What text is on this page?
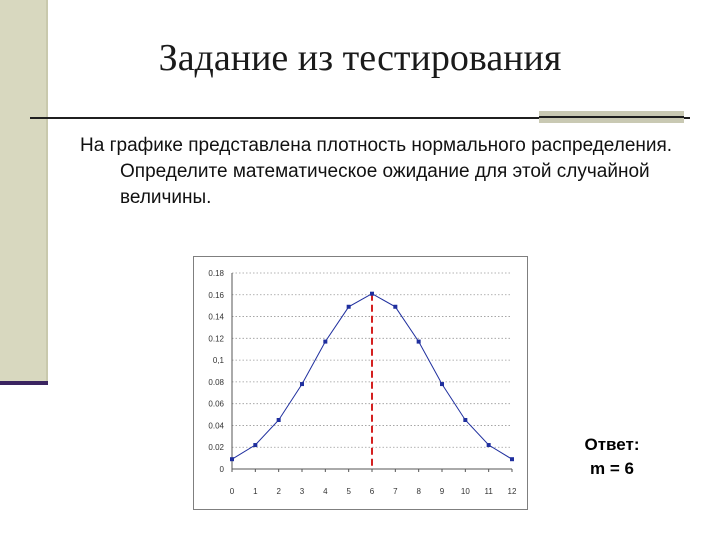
Задание из тестирования
На графике представлена плотность нормального распределения. Определите математическое ожидание для этой случайной величины.
0
0.02
0.04
0.06
0.08
0,1
0.12
0.14
0.16
0.18
0 1 2 3 4 5 6 7 8 9 10 11 12
Ответ:
m = 6
